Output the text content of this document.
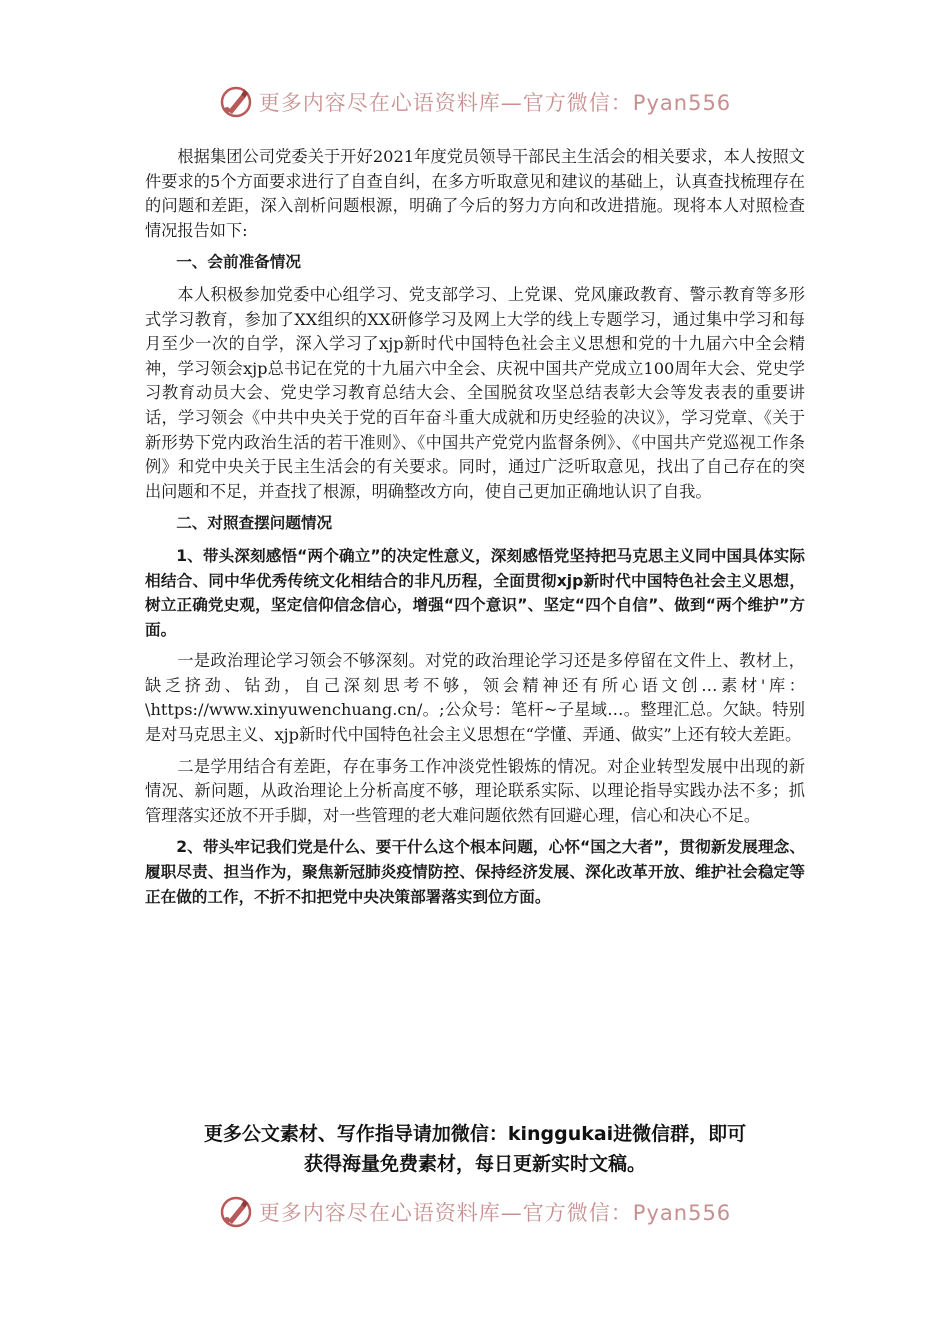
更多内容尽在心语资料库—官方微信：Pyan556

根据集团公司党委关于开好2021年度党员领导干部民主生活会的相关要求，本人按照文件要求的5个方面要求进行了自查自纠，在多方听取意见和建议的基础上，认真查找梳理存在的问题和差距，深入剖析问题根源，明确了今后的努力方向和改进措施。现将本人对照检查情况报告如下:

一、会前准备情况

本人积极参加党委中心组学习、党支部学习、上党课、党风廉政教育、警示教育等多形式学习教育，参加了XX组织的XX研修学习及网上大学的线上专题学习，通过集中学习和每月至少一次的自学，深入学习了xjp新时代中国特色社会主义思想和党的十九届六中全会精神，学习领会xjp总书记在党的十九届六中全会、庆祝中国共产党成立100周年大会、党史学习教育动员大会、党史学习教育总结大会、全国脱贫攻坚总结表彰大会等发表表的重要讲话，学习领会《中共中央关于党的百年奋斗重大成就和历史经验的决议》，学习党章、《关于新形势下党内政治生活的若干准则》、《中国共产党党内监督条例》、《中国共产党巡视工作条例》和党中央关于民主生活会的有关要求。同时，通过广泛听取意见，找出了自己存在的突出问题和不足，并查找了根源，明确整改方向，使自己更加正确地认识了自我。

二、对照查摆问题情况

1、带头深刻感悟“两个确立”的决定性意义，深刻感悟党坚持把马克思主义同中国具体实际相结合、同中华优秀传统文化相结合的非凡历程，全面贯彻xjp新时代中国特色社会主义思想，树立正确党史观，坚定信仰信念信心，增强“四个意识”、坚定“四个自信”、做到“两个维护”方面。

一是政治理论学习领会不够深刻。对党的政治理论学习还是多停留在文件上、教材上，缺乏挤劲、钻劲，自己深刻思考不够，领会精神还有所心语文创…素材'库：\https://www.xinyuwenchuang.cn/。;公众号：笔杆~子星域…。整理汇总。欠缺。特别是对马克思主义、xjp新时代中国特色社会主义思想在“学懂、弄通、做实”上还有较大差距。

二是学用结合有差距，存在事务工作冲淡党性锻炼的情况。对企业转型发展中出现的新情况、新问题，从政治理论上分析高度不够，理论联系实际、以理论指导实践办法不多；抓管理落实还放不开手脚，对一些管理的老大难问题依然有回避心理，信心和决心不足。

2、带头牢记我们党是什么、要干什么这个根本问题，心怀“国之大者”，贯彻新发展理念、履职尽责、担当作为，聚焦新冠肺炎疫情防控、保持经济发展、深化改革开放、维护社会稳定等正在做的工作，不折不扣把党中央决策部署落实到位方面。

更多公文素材、写作指导请加微信：kinggukai进微信群，即可
获得海量免费素材，每日更新实时文稿。
更多内容尽在心语资料库—官方微信：Pyan556
